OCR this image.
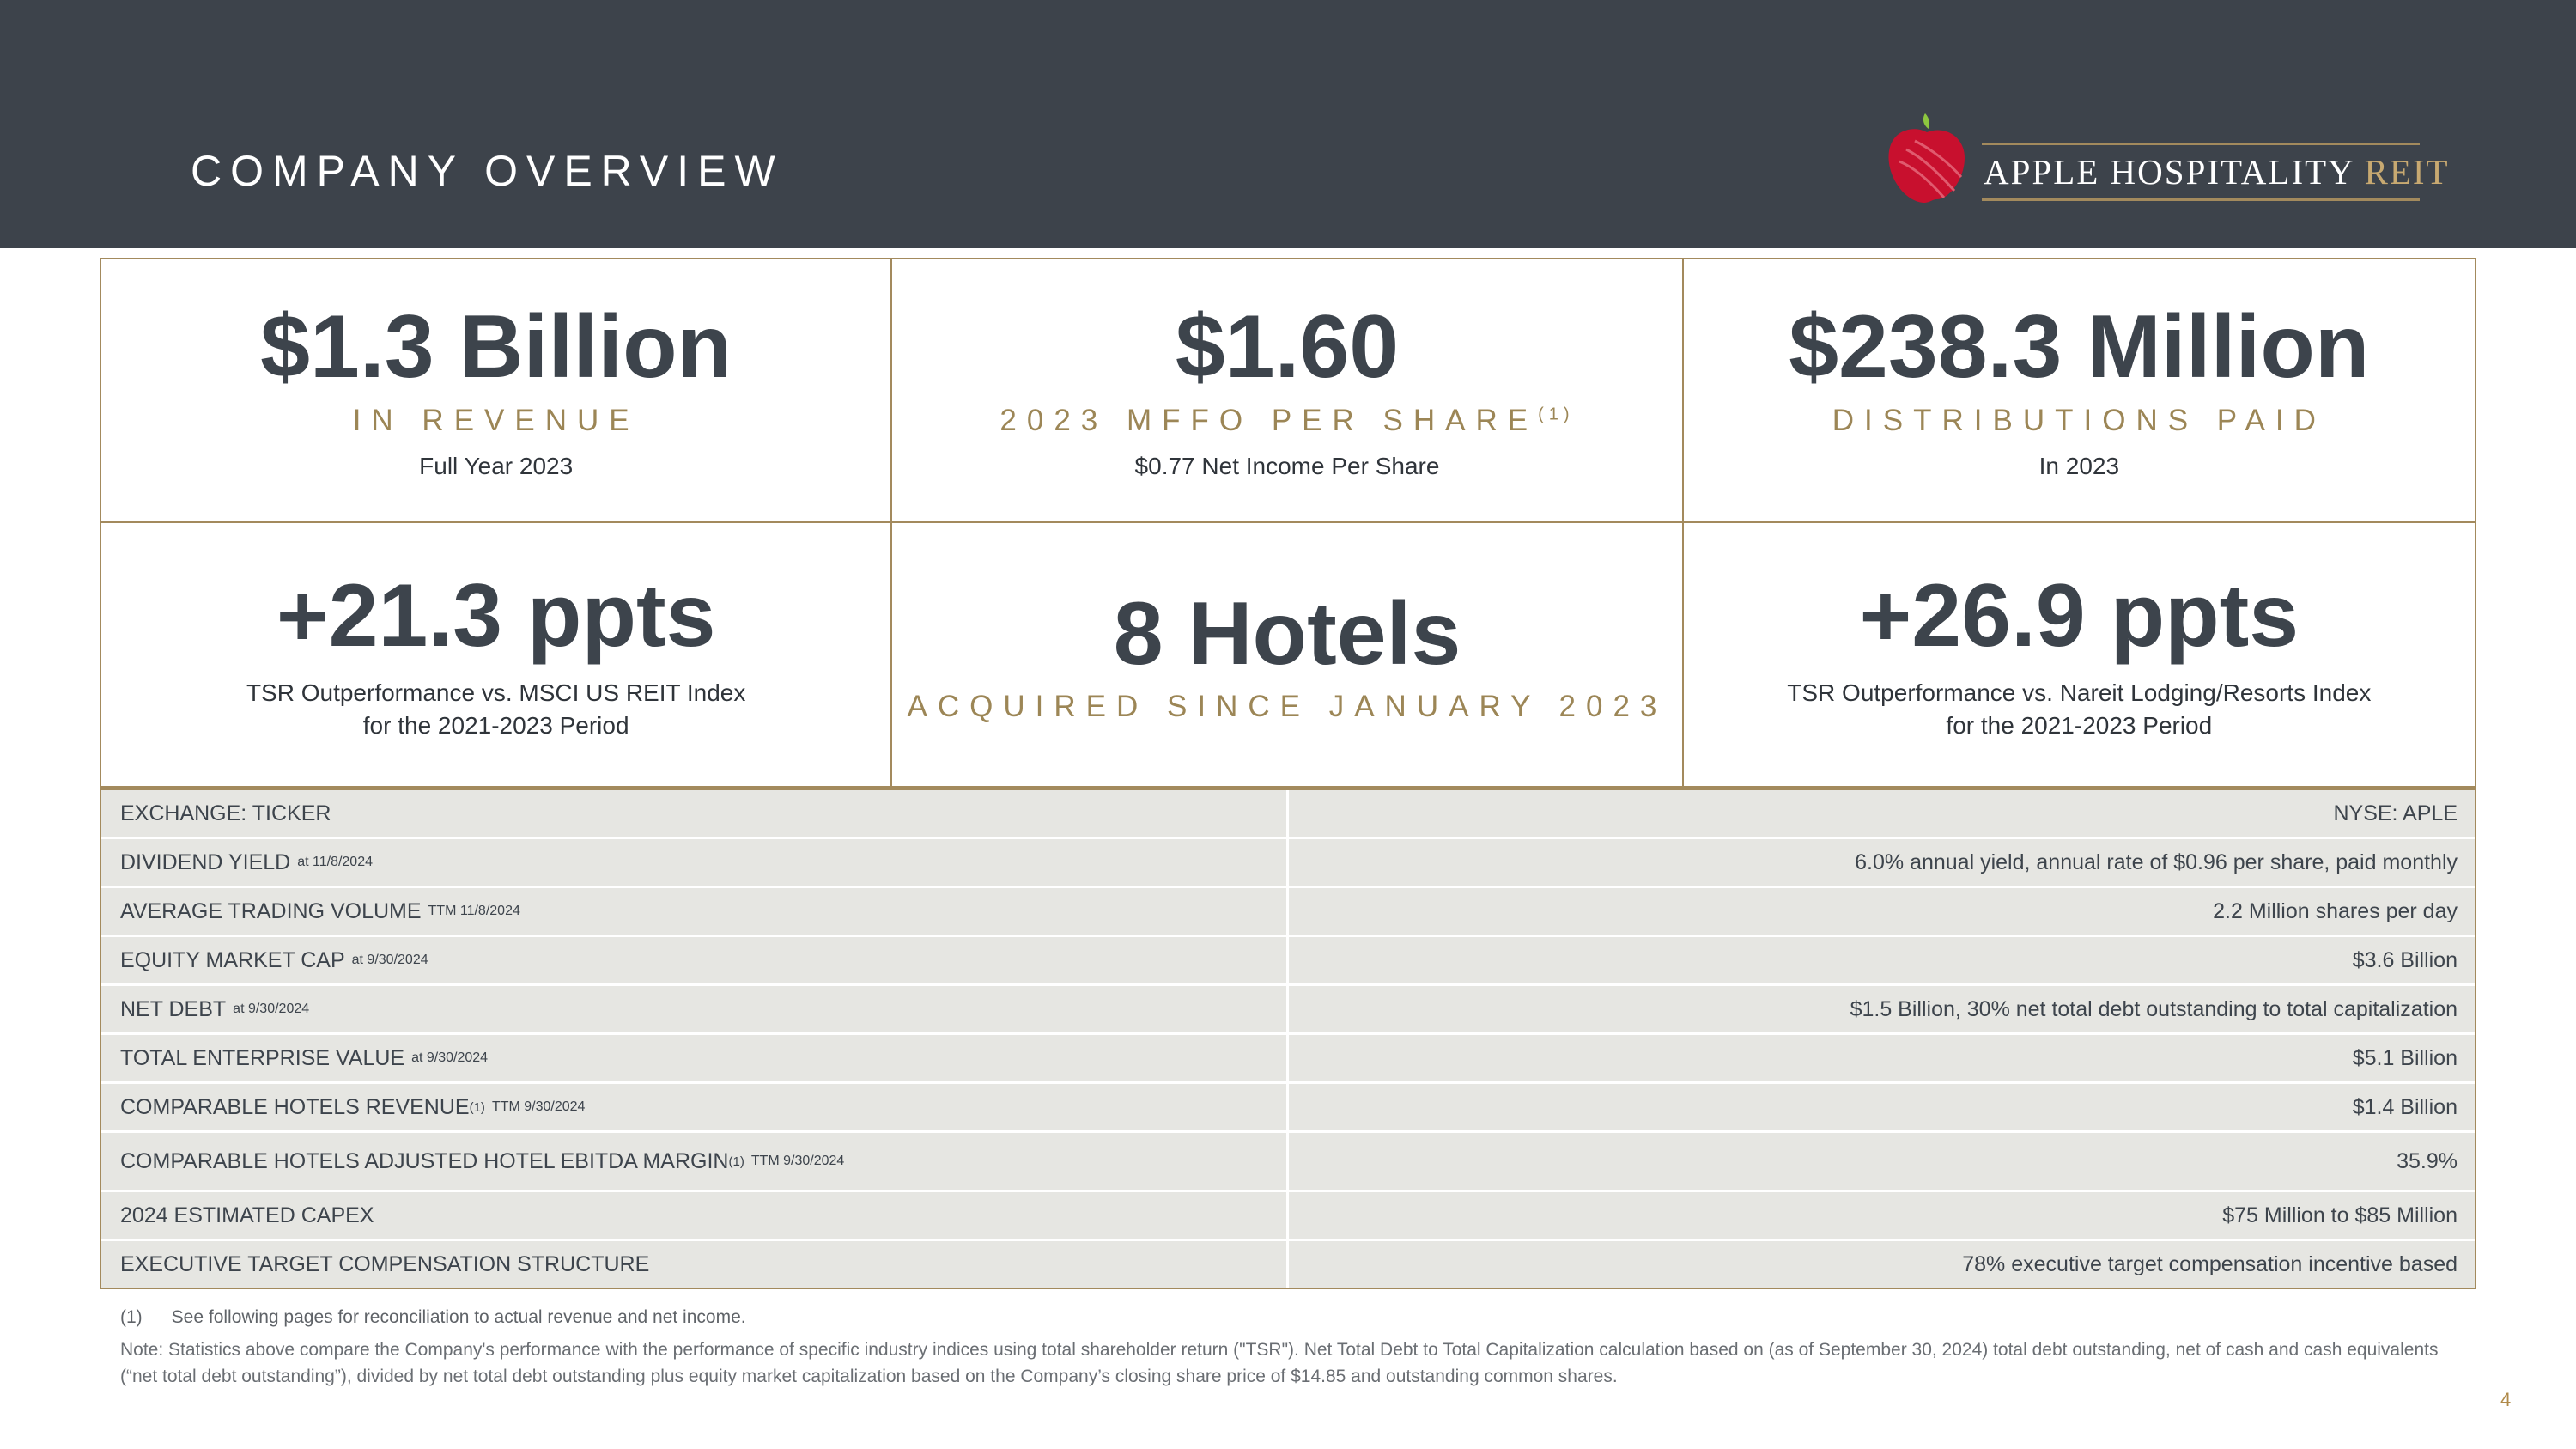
COMPANY OVERVIEW	APPLE HOSPITALITY REIT
$1.3 Billion
IN REVENUE
Full Year 2023
$1.60
2023 MFFO PER SHARE$^{(1)}$
$0.77 Net Income Per Share
$238.3 Million
DISTRIBUTIONS PAID
In 2023
+21.3 ppts
TSR Outperformance vs. MSCI US REIT Index
for the 2021-2023 Period
8 Hotels
ACQUIRED SINCE JANUARY 2023
+26.9 ppts
TSR Outperformance vs. Nareit Lodging/Resorts Index
for the 2021-2023 Period
EXCHANGE: TICKER	NYSE: APLE
DIVIDEND YIELD at 11/8/2024	6.0% annual yield, annual rate of $0.96 per share, paid monthly
AVERAGE TRADING VOLUME TTM 11/8/2024	2.2 Million shares per day
EQUITY MARKET CAP at 9/30/2024	$3.6 Billion
NET DEBT at 9/30/2024	$1.5 Billion, 30% net total debt outstanding to total capitalization
TOTAL ENTERPRISE VALUE at 9/30/2024	$5.1 Billion
COMPARABLE HOTELS REVENUE (1) TTM 9/30/2024	$1.4 Billion
COMPARABLE HOTELS ADJUSTED HOTEL EBITDA MARGIN (1) TTM 9/30/2024	35.9%
2024 ESTIMATED CAPEX	$75 Million to $85 Million
EXECUTIVE TARGET COMPENSATION STRUCTURE	78% executive target compensation incentive based
(1) See following pages for reconciliation to actual revenue and net income.
Note: Statistics above compare the Company's performance with the performance of specific industry indices using total shareholder return ("TSR"). Net Total Debt to Total Capitalization calculation based on (as of September 30, 2024) total debt outstanding, net of cash and cash equivalents (“net total debt outstanding”), divided by net total debt outstanding plus equity market capitalization based on the Company’s closing share price of $14.85 and outstanding common shares.
4
